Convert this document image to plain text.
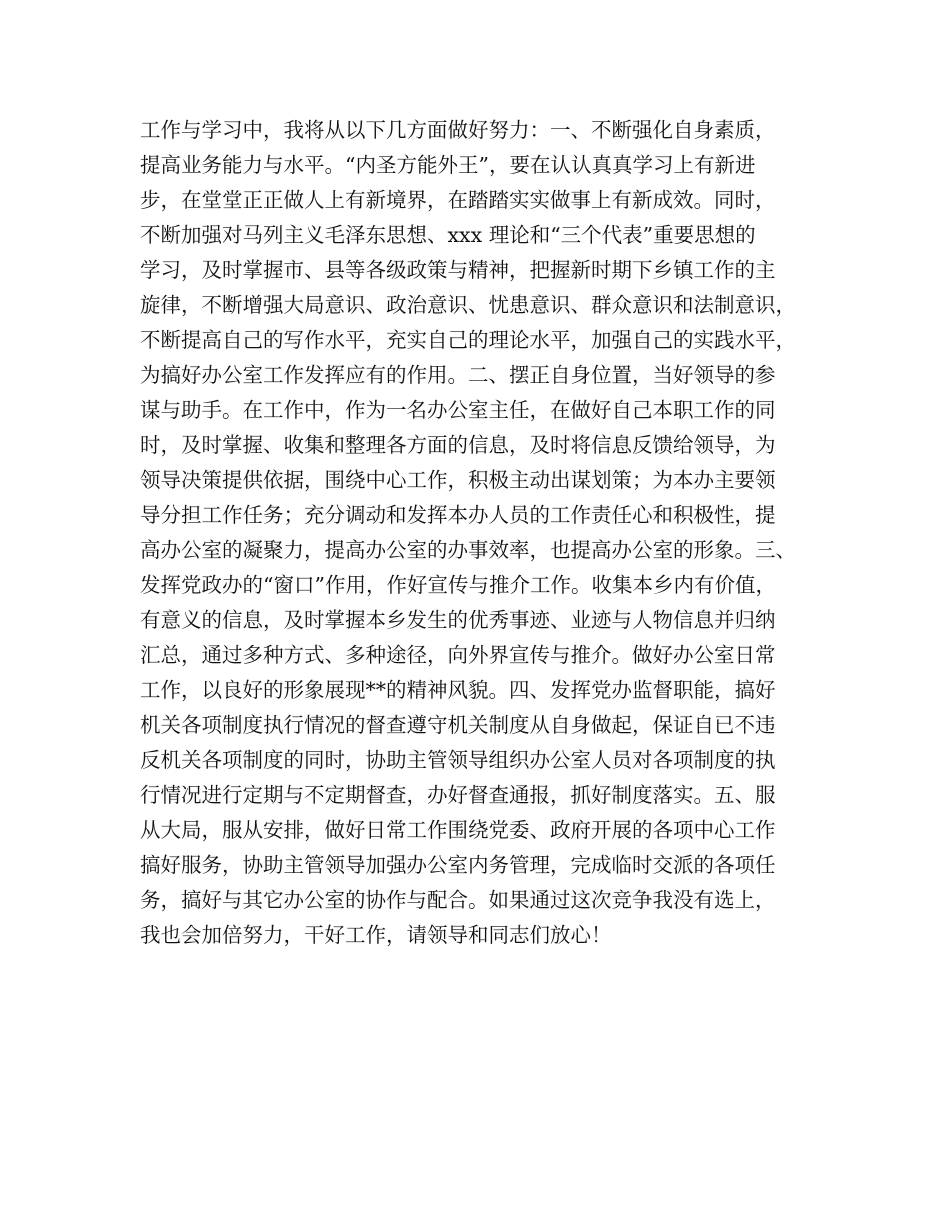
工作与学习中，我将从以下几方面做好努力：一、不断强化自身素质，
提高业务能力与水平。“内圣方能外王”，要在认认真真学习上有新进
步，在堂堂正正做人上有新境界，在踏踏实实做事上有新成效。同时，
不断加强对马列主义毛泽东思想、xxx 理论和“三个代表”重要思想的
学习，及时掌握市、县等各级政策与精神，把握新时期下乡镇工作的主
旋律，不断增强大局意识、政治意识、忧患意识、群众意识和法制意识，
不断提高自己的写作水平，充实自己的理论水平，加强自己的实践水平，
为搞好办公室工作发挥应有的作用。二、摆正自身位置，当好领导的参
谋与助手。在工作中，作为一名办公室主任，在做好自己本职工作的同
时，及时掌握、收集和整理各方面的信息，及时将信息反馈给领导，为
领导决策提供依据，围绕中心工作，积极主动出谋划策；为本办主要领
导分担工作任务；充分调动和发挥本办人员的工作责任心和积极性，提
高办公室的凝聚力，提高办公室的办事效率，也提高办公室的形象。三、
发挥党政办的“窗口”作用，作好宣传与推介工作。收集本乡内有价值，
有意义的信息，及时掌握本乡发生的优秀事迹、业迹与人物信息并归纳
汇总，通过多种方式、多种途径，向外界宣传与推介。做好办公室日常
工作，以良好的形象展现**的精神风貌。四、发挥党办监督职能，搞好
机关各项制度执行情况的督查遵守机关制度从自身做起，保证自已不违
反机关各项制度的同时，协助主管领导组织办公室人员对各项制度的执
行情况进行定期与不定期督查，办好督查通报，抓好制度落实。五、服
从大局，服从安排，做好日常工作围绕党委、政府开展的各项中心工作
搞好服务，协助主管领导加强办公室内务管理，完成临时交派的各项任
务，搞好与其它办公室的协作与配合。如果通过这次竞争我没有选上，
我也会加倍努力，干好工作，请领导和同志们放心！
